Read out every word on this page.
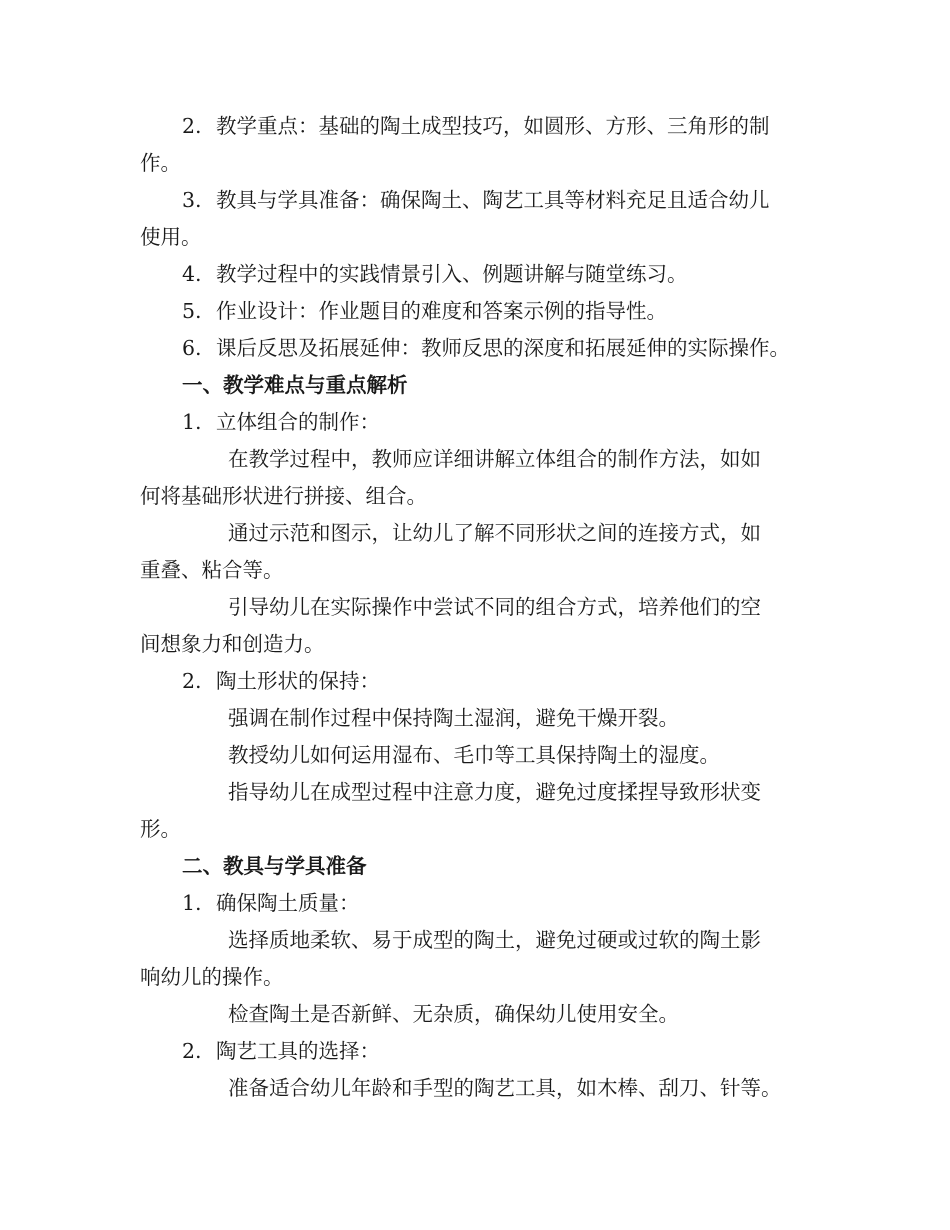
2. 教学重点：基础的陶土成型技巧，如圆形、方形、三角形的制
作。
3. 教具与学具准备：确保陶土、陶艺工具等材料充足且适合幼儿
使用。
4. 教学过程中的实践情景引入、例题讲解与随堂练习。
5. 作业设计：作业题目的难度和答案示例的指导性。
6. 课后反思及拓展延伸：教师反思的深度和拓展延伸的实际操作。
一、教学难点与重点解析
1. 立体组合的制作：
在教学过程中，教师应详细讲解立体组合的制作方法，如如
何将基础形状进行拼接、组合。
通过示范和图示，让幼儿了解不同形状之间的连接方式，如
重叠、粘合等。
引导幼儿在实际操作中尝试不同的组合方式，培养他们的空
间想象力和创造力。
2. 陶土形状的保持：
强调在制作过程中保持陶土湿润，避免干燥开裂。
教授幼儿如何运用湿布、毛巾等工具保持陶土的湿度。
指导幼儿在成型过程中注意力度，避免过度揉捏导致形状变
形。
二、教具与学具准备
1. 确保陶土质量：
选择质地柔软、易于成型的陶土，避免过硬或过软的陶土影
响幼儿的操作。
检查陶土是否新鲜、无杂质，确保幼儿使用安全。
2. 陶艺工具的选择：
准备适合幼儿年龄和手型的陶艺工具，如木棒、刮刀、针等。
